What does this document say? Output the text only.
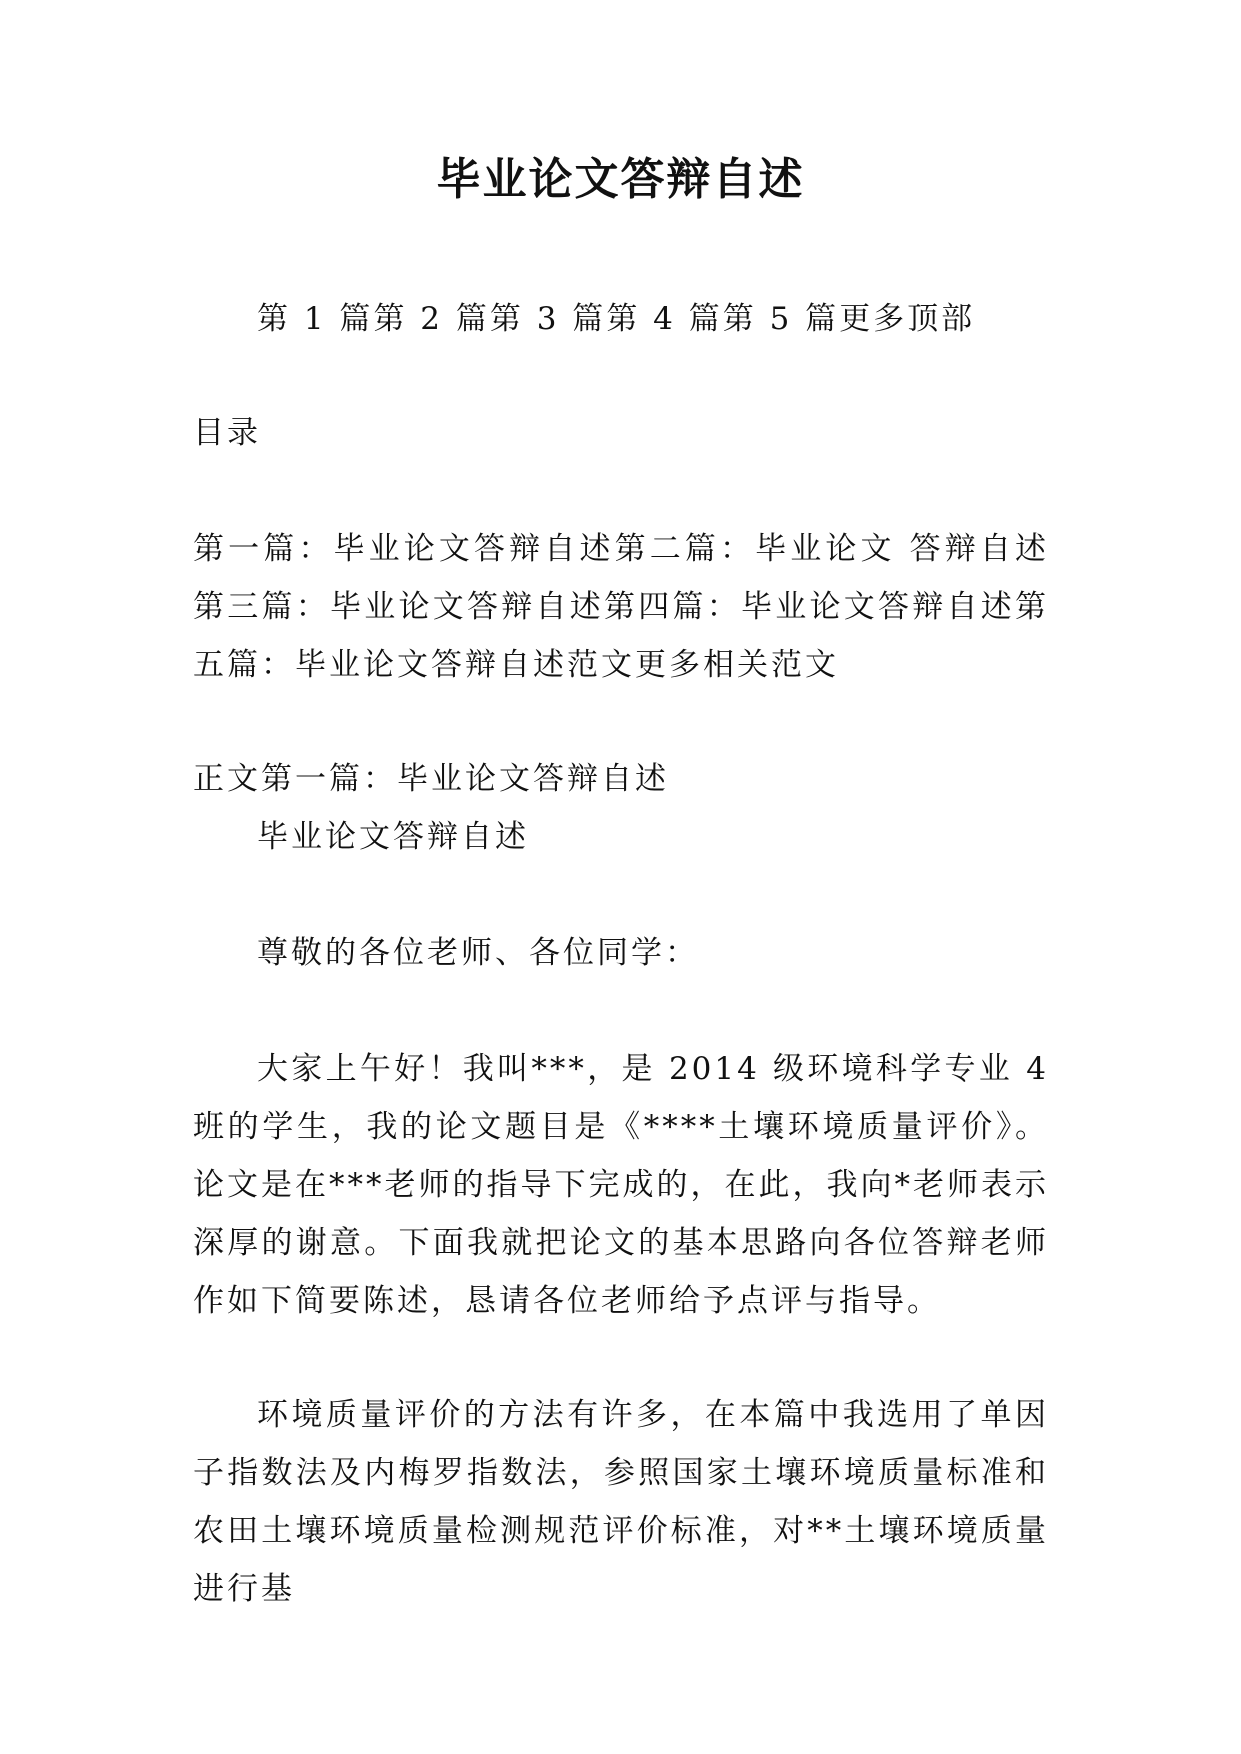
毕业论文答辩自述
第 1 篇第 2 篇第 3 篇第 4 篇第 5 篇更多顶部
目录
第一篇：毕业论文答辩自述第二篇：毕业论文 答辩自述第三篇：毕业论文答辩自述第四篇：毕业论文答辩自述第五篇：毕业论文答辩自述范文更多相关范文
正文第一篇：毕业论文答辩自述
毕业论文答辩自述
尊敬的各位老师、各位同学：
大家上午好！我叫***，是 2014 级环境科学专业 4 班的学生，我的论文题目是《****土壤环境质量评价》。论文是在***老师的指导下完成的，在此，我向*老师表示深厚的谢意。下面我就把论文的基本思路向各位答辩老师作如下简要陈述，恳请各位老师给予点评与指导。
环境质量评价的方法有许多，在本篇中我选用了单因子指数法及内梅罗指数法，参照国家土壤环境质量标准和农田土壤环境质量检测规范评价标准，对**土壤环境质量进行基
